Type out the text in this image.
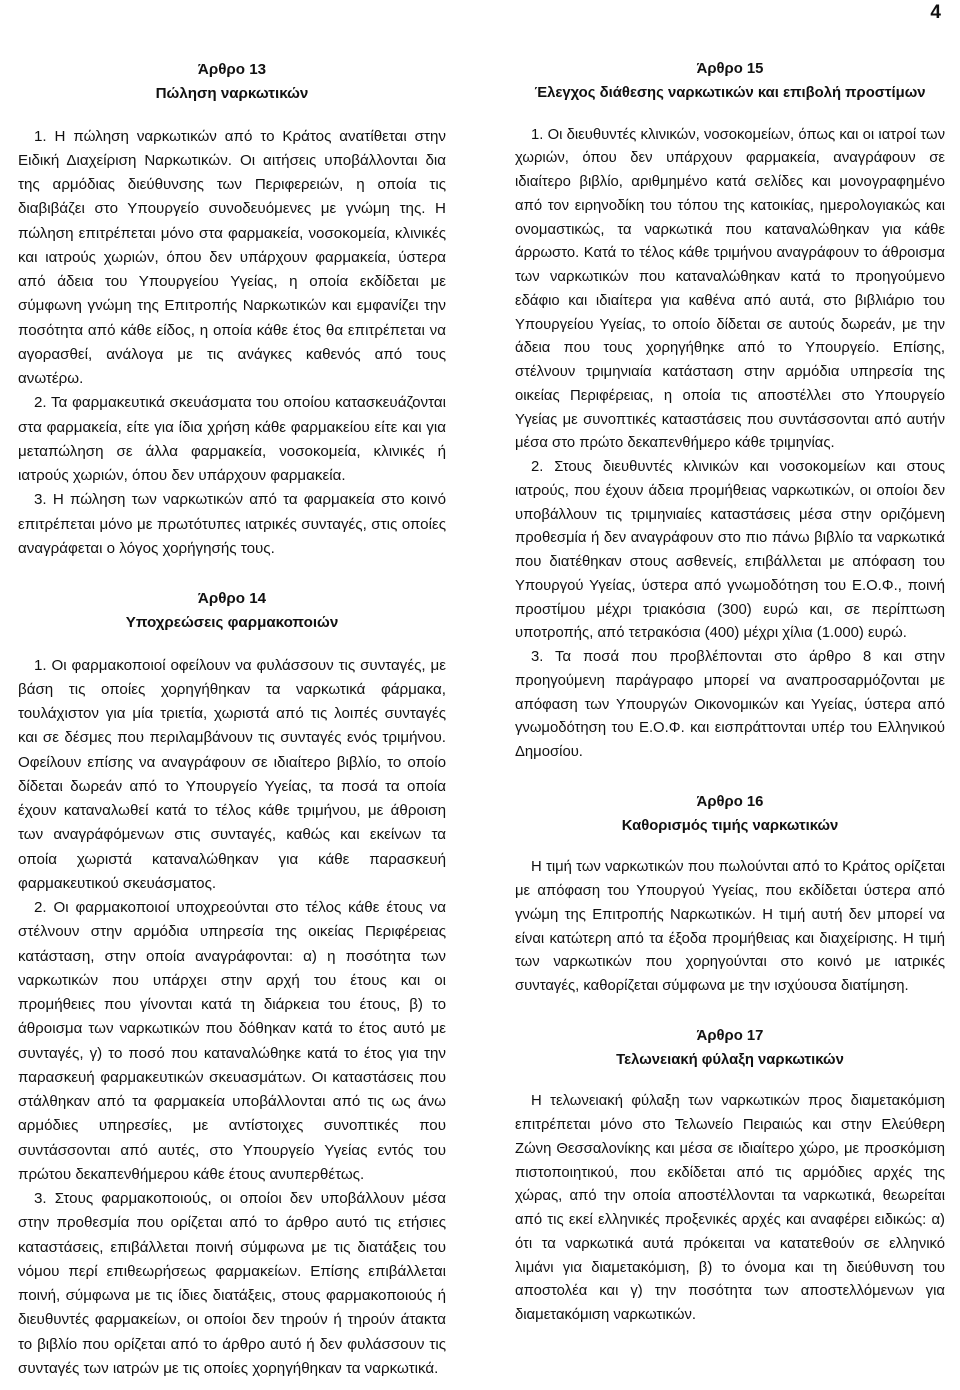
4
Άρθρο 13
Πώληση ναρκωτικών

1. Η πώληση ναρκωτικών από το Κράτος ανατίθεται στην Ειδική Διαχείριση Ναρκωτικών. Οι αιτήσεις υποβάλλονται δια της αρμόδιας διεύθυνσης των Περιφερειών, η οποία τις διαβιβάζει στο Υπουργείο συνοδευόμενες με γνώμη της. Η πώληση επιτρέπεται μόνο στα φαρμακεία, νοσοκομεία, κλινικές και ιατρούς χωριών, όπου δεν υπάρχουν φαρμακεία, ύστερα από άδεια του Υπουργείου Υγείας, η οποία εκδίδεται με σύμφωνη γνώμη της Επιτροπής Ναρκωτικών και εμφανίζει την ποσότητα από κάθε είδος, η οποία κάθε έτος θα επιτρέπεται να αγορασθεί, ανάλογα με τις ανάγκες καθενός από τους ανωτέρω.

2. Τα φαρμακευτικά σκευάσματα του οποίου κατασκευάζονται στα φαρμακεία, είτε για ίδια χρήση κάθε φαρμακείου είτε και για μεταπώληση σε άλλα φαρμακεία, νοσοκομεία, κλινικές ή ιατρούς χωριών, όπου δεν υπάρχουν φαρμακεία.

3. Η πώληση των ναρκωτικών από τα φαρμακεία στο κοινό επιτρέπεται μόνο με πρωτότυπες ιατρικές συνταγές, στις οποίες αναγράφεται ο λόγος χορήγησής τους.

Άρθρο 14
Υποχρεώσεις φαρμακοποιών

1. Οι φαρμακοποιοί οφείλουν να φυλάσσουν τις συνταγές, με βάση τις οποίες χορηγήθηκαν τα ναρκωτικά φάρμακα, τουλάχιστον για μία τριετία, χωριστά από τις λοιπές συνταγές και σε δέσμες που περιλαμβάνουν τις συνταγές ενός τριμήνου. Οφείλουν επίσης να αναγράφουν σε ιδιαίτερο βιβλίο, το οποίο δίδεται δωρεάν από το Υπουργείο Υγείας, τα ποσά τα οποία έχουν καταναλωθεί κατά το τέλος κάθε τριμήνου, με άθροιση των αναγράφόμενων στις συνταγές, καθώς και εκείνων τα οποία χωριστά καταναλώθηκαν για κάθε παρασκευή φαρμακευτικού σκευάσματος.

2. Οι φαρμακοποιοί υποχρεούνται στο τέλος κάθε έτους να στέλνουν στην αρμόδια υπηρεσία της οικείας Περιφέρειας κατάσταση, στην οποία αναγράφονται: α) η ποσότητα των ναρκωτικών που υπάρχει στην αρχή του έτους και οι προμήθειες που γίνονται κατά τη διάρκεια του έτους, β) το άθροισμα των ναρκωτικών που δόθηκαν κατά το έτος αυτό με συνταγές, γ) το ποσό που καταναλώθηκε κατά το έτος για την παρασκευή φαρμακευτικών σκευασμάτων. Οι καταστάσεις που στάλθηκαν από τα φαρμακεία υποβάλλονται από τις ως άνω αρμόδιες υπηρεσίες, με αντίστοιχες συνοπτικές που συντάσσονται από αυτές, στο Υπουργείο Υγείας εντός του πρώτου δεκαπενθήμερου κάθε έτους ανυπερθέτως.

3. Στους φαρμακοποιούς, οι οποίοι δεν υποβάλλουν μέσα στην προθεσμία που ορίζεται από το άρθρο αυτό τις ετήσιες καταστάσεις, επιβάλλεται ποινή σύμφωνα με τις διατάξεις του νόμου περί επιθεωρήσεως φαρμακείων. Επίσης επιβάλλεται ποινή, σύμφωνα με τις ίδιες διατάξεις, στους φαρμακοποιούς ή διευθυντές φαρμακείων, οι οποίοι δεν τηρούν ή τηρούν άτακτα το βιβλίο που ορίζεται από το άρθρο αυτό ή δεν φυλάσσουν τις συνταγές των ιατρών με τις οποίες χορηγήθηκαν τα ναρκωτικά.

Άρθρο 15
Έλεγχος διάθεσης ναρκωτικών και επιβολή προστίμων

1. Οι διευθυντές κλινικών, νοσοκομείων, όπως και οι ιατροί των χωριών, όπου δεν υπάρχουν φαρμακεία, αναγράφουν σε ιδιαίτερο βιβλίο, αριθμημένο κατά σελίδες και μονογραφημένο από τον ειρηνοδίκη του τόπου της κατοικίας, ημερολογιακώς και ονομαστικώς, τα ναρκωτικά που καταναλώθηκαν για κάθε άρρωστο. Κατά το τέλος κάθε τριμήνου αναγράφουν το άθροισμα των ναρκωτικών που καταναλώθηκαν κατά το προηγούμενο εδάφιο και ιδιαίτερα για καθένα από αυτά, στο βιβλιάριο του Υπουργείου Υγείας, το οποίο δίδεται σε αυτούς δωρεάν, με την άδεια που τους χορηγήθηκε από το Υπουργείο. Επίσης, στέλνουν τριμηνιαία κατάσταση στην αρμόδια υπηρεσία της οικείας Περιφέρειας, η οποία τις αποστέλλει στο Υπουργείο Υγείας με συνοπτικές καταστάσεις που συντάσσονται από αυτήν μέσα στο πρώτο δεκαπενθήμερο κάθε τριμηνίας.

2. Στους διευθυντές κλινικών και νοσοκομείων και στους ιατρούς, που έχουν άδεια προμήθειας ναρκωτικών, οι οποίοι δεν υποβάλλουν τις τριμηνιαίες καταστάσεις μέσα στην οριζόμενη προθεσμία ή δεν αναγράφουν στο πιο πάνω βιβλίο τα ναρκωτικά που διατέθηκαν στους ασθενείς, επιβάλλεται με απόφαση του Υπουργού Υγείας, ύστερα από γνωμοδότηση του Ε.Ο.Φ., ποινή προστίμου μέχρι τριακόσια (300) ευρώ και, σε περίπτωση υποτροπής, από τετρακόσια (400) μέχρι χίλια (1.000) ευρώ.

3. Τα ποσά που προβλέπονται στο άρθρο 8 και στην προηγούμενη παράγραφο μπορεί να αναπροσαρμόζονται με απόφαση των Υπουργών Οικονομικών και Υγείας, ύστερα από γνωμοδότηση του Ε.Ο.Φ. και εισπράττονται υπέρ του Ελληνικού Δημοσίου.

Άρθρο 16
Καθορισμός τιμής ναρκωτικών

Η τιμή των ναρκωτικών που πωλούνται από το Κράτος ορίζεται με απόφαση του Υπουργού Υγείας, που εκδίδεται ύστερα από γνώμη της Επιτροπής Ναρκωτικών. Η τιμή αυτή δεν μπορεί να είναι κατώτερη από τα έξοδα προμήθειας και διαχείρισης. Η τιμή των ναρκωτικών που χορηγούνται στο κοινό με ιατρικές συνταγές, καθορίζεται σύμφωνα με την ισχύουσα διατίμηση.

Άρθρο 17
Τελωνειακή φύλαξη ναρκωτικών

Η τελωνειακή φύλαξη των ναρκωτικών προς διαμετακόμιση επιτρέπεται μόνο στο Τελωνείο Πειραιώς και στην Ελεύθερη Ζώνη Θεσσαλονίκης και μέσα σε ιδιαίτερο χώρο, με προσκόμιση πιστοποιητικού, που εκδίδεται από τις αρμόδιες αρχές της χώρας, από την οποία αποστέλλονται τα ναρκωτικά, θεωρείται από τις εκεί ελληνικές προξενικές αρχές και αναφέρει ειδικώς: α) ότι τα ναρκωτικά αυτά πρόκειται να κατατεθούν σε ελληνικό λιμάνι για διαμετακόμιση, β) το όνομα και τη διεύθυνση του αποστολέα και γ) την ποσότητα των αποστελλόμενων για διαμετακόμιση ναρκωτικών.
